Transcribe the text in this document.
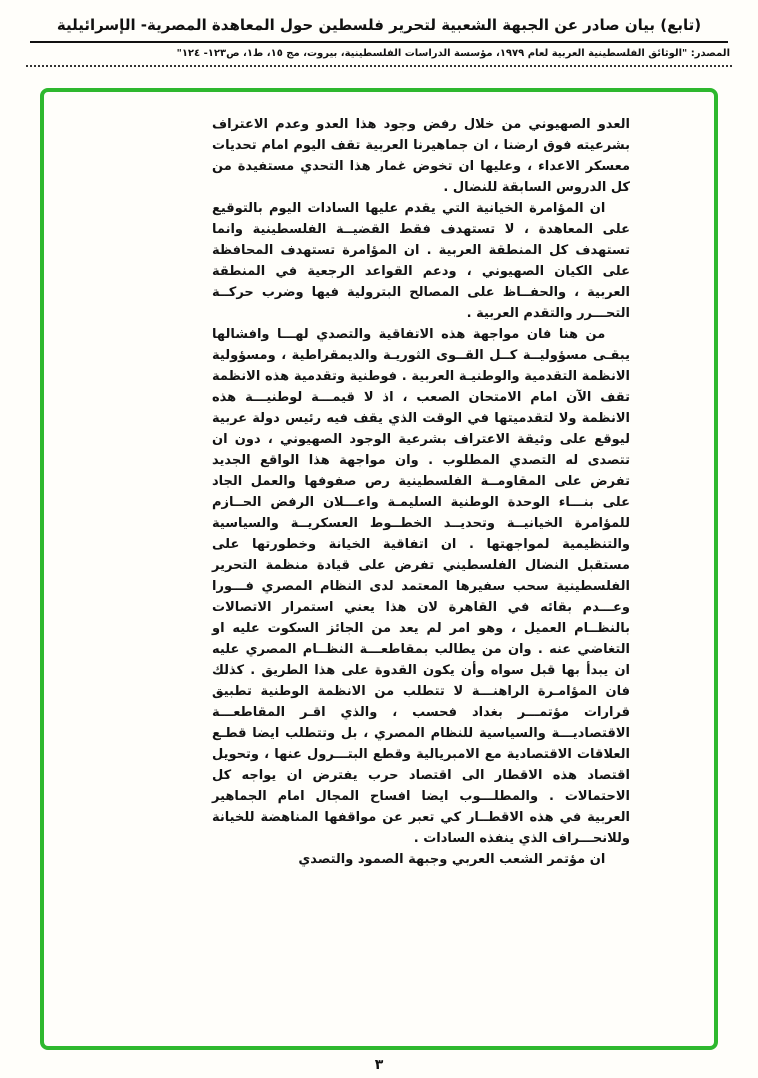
(تابع) بيان صادر عن الجبهة الشعبية لتحرير فلسطين حول المعاهدة المصرية- الإسرائيلية
المصدر: "الوثائق الفلسطينية العربية لعام ١٩٧٩، مؤسسة الدراسات الفلسطينية، بيروت، مج ١٥، ط١، ص١٢٣- ١٢٤"

العدو الصهيوني من خلال رفض وجود هذا العدو وعدم الاعتراف بشرعيته فوق ارضنا ، ان جماهيرنا العربية تقف اليوم امام تحديات معسكر الاعداء ، وعليها ان تخوض غمار هذا التحدي مستفيدة من كل الدروس السابقة للنضال .

ان المؤامرة الخيانية التي يقدم عليها السادات اليوم بالتوقيع على المعاهدة ، لا تستهدف فقط القضيــة الفلسطينية وانما تستهدف كل المنطقة العربية . ان المؤامرة تستهدف المحافظة على الكيان الصهيوني ، ودعم القواعد الرجعية في المنطقة العربية ، والحفــاظ على المصالح البترولية فيها وضرب حركــة التحـــرر والتقدم العربية .

من هنا فان مواجهة هذه الاتفاقية والتصدي لهـــا وافشالها يبقـى مسؤوليــة كــل القــوى الثوريـة والديمقراطية ، ومسؤولية الانظمة التقدمية والوطنيـة العربية . فوطنية وتقدمية هذه الانظمة تقف الآن امام الامتحان الصعب ، اذ لا قيمـــة لوطنيـــة هذه الانظمة ولا لتقدميتها في الوقت الذي يقف فيه رئيس دولة عربية ليوقع على وثيقة الاعتراف بشرعية الوجود الصهيوني ، دون ان تتصدى له التصدي المطلوب . وان مواجهة هذا الواقع الجديد تفرض على المقاومــة الفلسطينية رص صفوفها والعمل الجاد على بنـــاء الوحدة الوطنية السليمـة واعـــلان الرفض الحــازم للمؤامرة الخيانيــة وتحديــد الخطــوط العسكريــة والسياسية والتنظيمية لمواجهتها . ان اتفاقية الخيانة وخطورتها على مستقبل النضال الفلسطيني تفرض على قيادة منظمة التحرير الفلسطينية سحب سفيرها المعتمد لدى النظام المصري فـــورا وعـــدم بقائه في القاهرة لان هذا يعني استمرار الاتصالات بالنظــام العميل ، وهو امر لم يعد من الجائز السكوت عليه او التغاضي عنه . وان من يطالب بمقاطعـــة النظــام المصري عليه ان يبدأ بها قبل سواه وأن يكون القدوة على هذا الطريق . كذلك فان المؤامـرة الراهنـــة لا تتطلب من الانظمة الوطنية تطبيق قرارات مؤتمـــر بغداد فحسب ، والذي اقـر المقاطعـــة الاقتصاديـــة والسياسية للنظام المصري ، بل وتتطلب ايضا قطـع العلاقات الاقتصادية مع الامبريالية وقطع البتـــرول عنها ، وتحويل اقتصاد هذه الاقطار الى اقتصاد حرب يفترض ان يواجه كل الاحتمالات . والمطلـــوب ايضا افساح المجال امام الجماهير العربية في هذه الاقطــار كي تعبر عن مواقفها المناهضة للخيانة وللانحـــراف الذي ينفذه السادات .

ان مؤتمر الشعب العربي وجبهة الصمود والتصدي

٣
